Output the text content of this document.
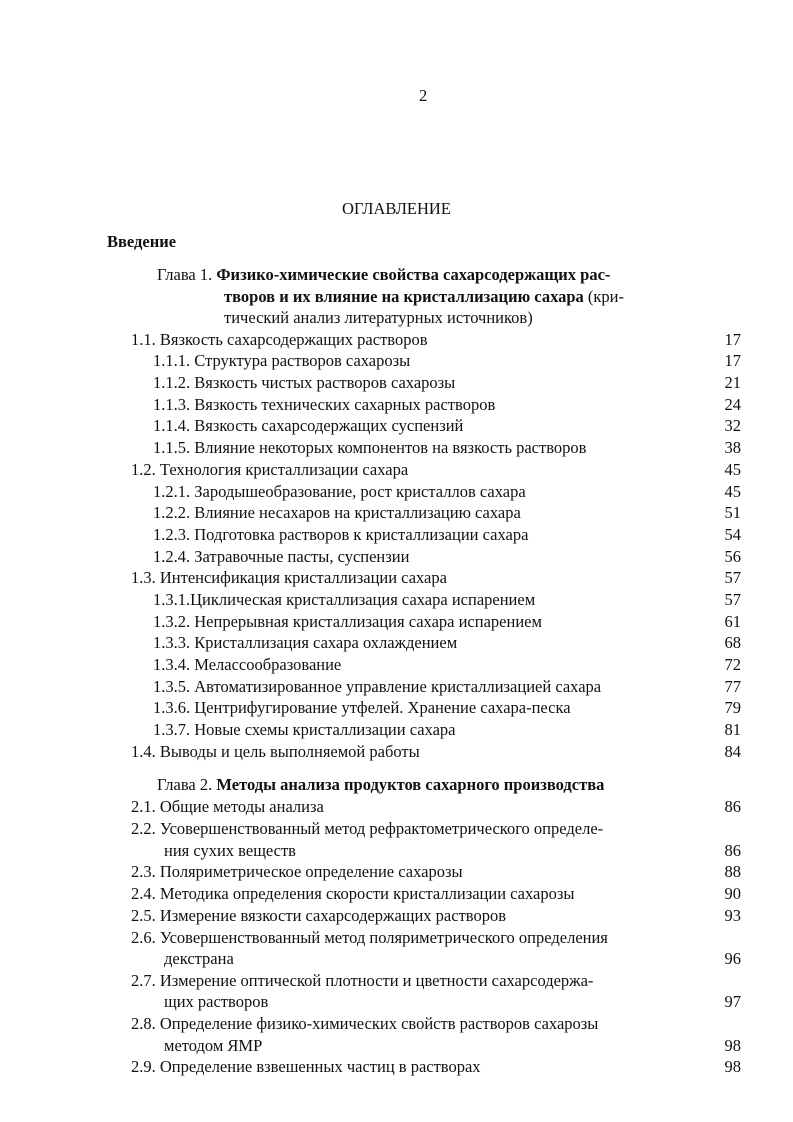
2
ОГЛАВЛЕНИЕ
Введение
Глава 1. Физико-химические свойства сахарсодержащих рас-
творов и их влияние на кристаллизацию сахара (кри-
тический анализ литературных источников)
1.1. Вязкость сахарсодержащих растворов	17
1.1.1. Структура растворов сахарозы	17
1.1.2. Вязкость чистых растворов сахарозы	21
1.1.3. Вязкость технических сахарных растворов	24
1.1.4. Вязкость сахарсодержащих суспензий	32
1.1.5. Влияние некоторых компонентов на вязкость растворов	38
1.2. Технология кристаллизации сахара	45
1.2.1. Зародышеобразование, рост кристаллов сахара	45
1.2.2. Влияние несахаров на кристаллизацию сахара	51
1.2.3. Подготовка растворов к кристаллизации сахара	54
1.2.4. Затравочные пасты, суспензии	56
1.3. Интенсификация кристаллизации сахара	57
1.3.1.Циклическая кристаллизация сахара испарением	57
1.3.2. Непрерывная кристаллизация сахара испарением	61
1.3.3. Кристаллизация сахара охлаждением	68
1.3.4. Мелассообразование	72
1.3.5. Автоматизированное управление кристаллизацией сахара	77
1.3.6. Центрифугирование утфелей. Хранение сахара-песка	79
1.3.7. Новые схемы кристаллизации сахара	81
1.4. Выводы и цель выполняемой работы	84
Глава 2. Методы анализа продуктов сахарного производства
2.1. Общие методы анализа	86
2.2. Усовершенствованный метод рефрактометрического определе-
ния сухих веществ	86
2.3. Поляриметрическое определение сахарозы	88
2.4. Методика определения скорости кристаллизации сахарозы	90
2.5. Измерение вязкости сахарсодержащих растворов	93
2.6. Усовершенствованный метод поляриметрического определения
декстрана	96
2.7. Измерение оптической плотности и цветности сахарсодержа-
щих растворов	97
2.8. Определение физико-химических свойств растворов сахарозы
методом ЯМР	98
2.9. Определение взвешенных частиц в растворах	98
